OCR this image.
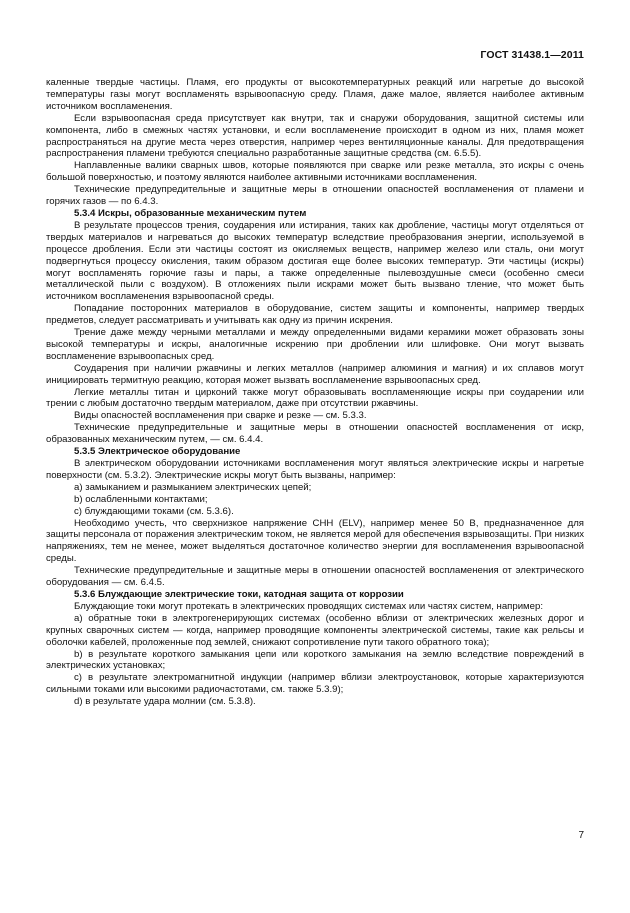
ГОСТ 31438.1—2011

каленные твердые частицы. Пламя, его продукты от высокотемпературных реакций или нагретые до высокой температуры газы могут воспламенять взрывоопасную среду. Пламя, даже малое, является наиболее активным источником воспламенения.

Если взрывоопасная среда присутствует как внутри, так и снаружи оборудования, защитной системы или компонента, либо в смежных частях установки, и если воспламенение происходит в одном из них, пламя может распространяться на другие места через отверстия, например через вентиляционные каналы. Для предотвращения распространения пламени требуются специально разработанные защитные средства (см. 6.5.5).

Наплавленные валики сварных швов, которые появляются при сварке или резке металла, это искры с очень большой поверхностью, и поэтому являются наиболее активными источниками воспламенения.

Технические предупредительные и защитные меры в отношении опасностей воспламенения от пламени и горячих газов — по 6.4.3.

5.3.4 Искры, образованные механическим путем

В результате процессов трения, соударения или истирания, таких как дробление, частицы могут отделяться от твердых материалов и нагреваться до высоких температур вследствие преобразования энергии, используемой в процессе дробления. Если эти частицы состоят из окисляемых веществ, например железо или сталь, они могут подвергнуться процессу окисления, таким образом достигая еще более высоких температур. Эти частицы (искры) могут воспламенять горючие газы и пары, а также определенные пылевоздушные смеси (особенно смеси металлической пыли с воздухом). В отложениях пыли искрами может быть вызвано тление, что может быть источником воспламенения взрывоопасной среды.

Попадание посторонних материалов в оборудование, систем защиты и компоненты, например твердых предметов, следует рассматривать и учитывать как одну из причин искрения.

Трение даже между черными металлами и между определенными видами керамики может образовать зоны высокой температуры и искры, аналогичные искрению при дроблении или шлифовке. Они могут вызвать воспламенение взрывоопасных сред.

Соударения при наличии ржавчины и легких металлов (например алюминия и магния) и их сплавов могут инициировать термитную реакцию, которая может вызвать воспламенение взрывоопасных сред.

Легкие металлы титан и цирконий также могут образовывать воспламеняющие искры при соударении или трении с любым достаточно твердым материалом, даже при отсутствии ржавчины.

Виды опасностей воспламенения при сварке и резке — см. 5.3.3.

Технические предупредительные и защитные меры в отношении опасностей воспламенения от искр, образованных механическим путем, — см. 6.4.4.

5.3.5 Электрическое оборудование

В электрическом оборудовании источниками воспламенения могут являться электрические искры и нагретые поверхности (см. 5.3.2). Электрические искры могут быть вызваны, например:

а) замыканием и размыканием электрических цепей;

b) ослабленными контактами;

с) блуждающими токами (см. 5.3.6).

Необходимо учесть, что сверхнизкое напряжение СНН (ELV), например менее 50 В, предназначенное для защиты персонала от поражения электрическим током, не является мерой для обеспечения взрывозащиты. При низких напряжениях, тем не менее, может выделяться достаточное количество энергии для воспламенения взрывоопасной среды.

Технические предупредительные и защитные меры в отношении опасностей воспламенения от электрического оборудования — см. 6.4.5.

5.3.6 Блуждающие электрические токи, катодная защита от коррозии

Блуждающие токи могут протекать в электрических проводящих системах или частях систем, например:

а) обратные токи в электрогенерирующих системах (особенно вблизи от электрических железных дорог и крупных сварочных систем — когда, например проводящие компоненты электрической системы, такие как рельсы и оболочки кабелей, проложенные под землей, снижают сопротивление пути такого обратного тока);

b) в результате короткого замыкания цепи или короткого замыкания на землю вследствие повреждений в электрических установках;

с) в результате электромагнитной индукции (например вблизи электроустановок, которые характеризуются сильными токами или высокими радиочастотами, см. также 5.3.9);

d) в результате удара молнии (см. 5.3.8).

7
